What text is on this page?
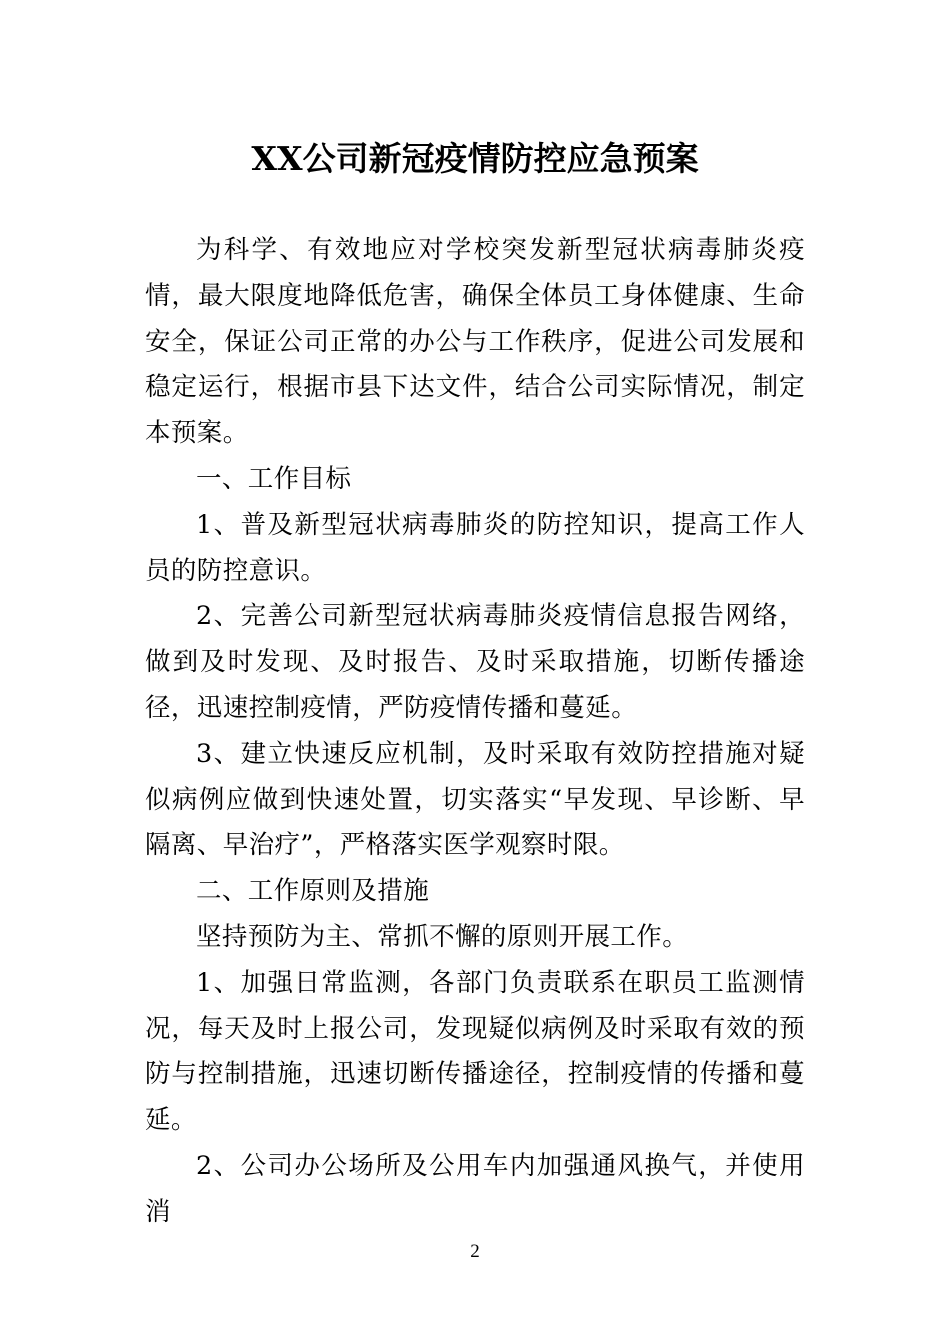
XX公司新冠疫情防控应急预案

为科学、有效地应对学校突发新型冠状病毒肺炎疫情，最大限度地降低危害，确保全体员工身体健康、生命安全，保证公司正常的办公与工作秩序，促进公司发展和稳定运行，根据市县下达文件，结合公司实际情况，制定本预案。

一、工作目标

1、普及新型冠状病毒肺炎的防控知识，提高工作人员的防控意识。

2、完善公司新型冠状病毒肺炎疫情信息报告网络，做到及时发现、及时报告、及时采取措施，切断传播途径，迅速控制疫情，严防疫情传播和蔓延。

3、建立快速反应机制，及时采取有效防控措施对疑似病例应做到快速处置，切实落实“早发现、早诊断、早隔离、早治疗”，严格落实医学观察时限。

二、工作原则及措施

坚持预防为主、常抓不懈的原则开展工作。

1、加强日常监测，各部门负责联系在职员工监测情况，每天及时上报公司，发现疑似病例及时采取有效的预防与控制措施，迅速切断传播途径，控制疫情的传播和蔓延。

2、公司办公场所及公用车内加强通风换气，并使用消

2
